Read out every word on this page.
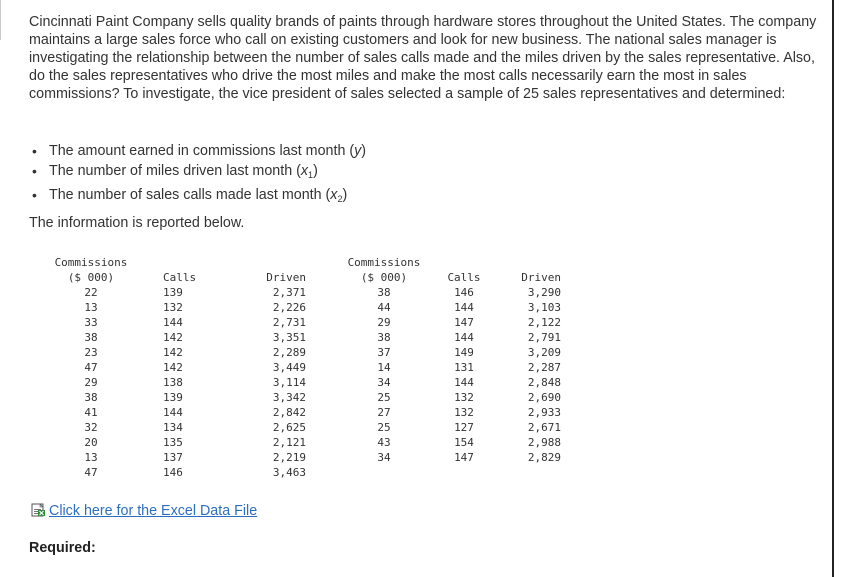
Cincinnati Paint Company sells quality brands of paints through hardware stores throughout the United States. The company maintains a large sales force who call on existing customers and look for new business. The national sales manager is investigating the relationship between the number of sales calls made and the miles driven by the sales representative. Also, do the sales representatives who drive the most miles and make the most calls necessarily earn the most in sales commissions? To investigate, the vice president of sales selected a sample of 25 sales representatives and determined:

• The amount earned in commissions last month (y)
• The number of miles driven last month $(x_1)$
• The number of sales calls made last month $(x_2)$
The information is reported below.
Commissions
($ 000)
22
13
33
38
23
47
29
38
41
32
20
13
47

Calls
139
132
144
142
142
142
138
139
144
134
135
137
146

Driven
2,371
2,226
2,731
3,351
2,289
3,449
3,114
3,342
2,842
2,625
2,121
2,219
3,463
Commissions
($ 000)
38
44
29
38
37
14
34
25
27
25
43
34

Calls
146
144
147
144
149
131
144
132
132
127
154
147

Driven
3,290
3,103
2,122
2,791
3,209
2,287
2,848
2,690
2,933
2,671
2,988
2,829
Click here for the Excel Data File
Required:
